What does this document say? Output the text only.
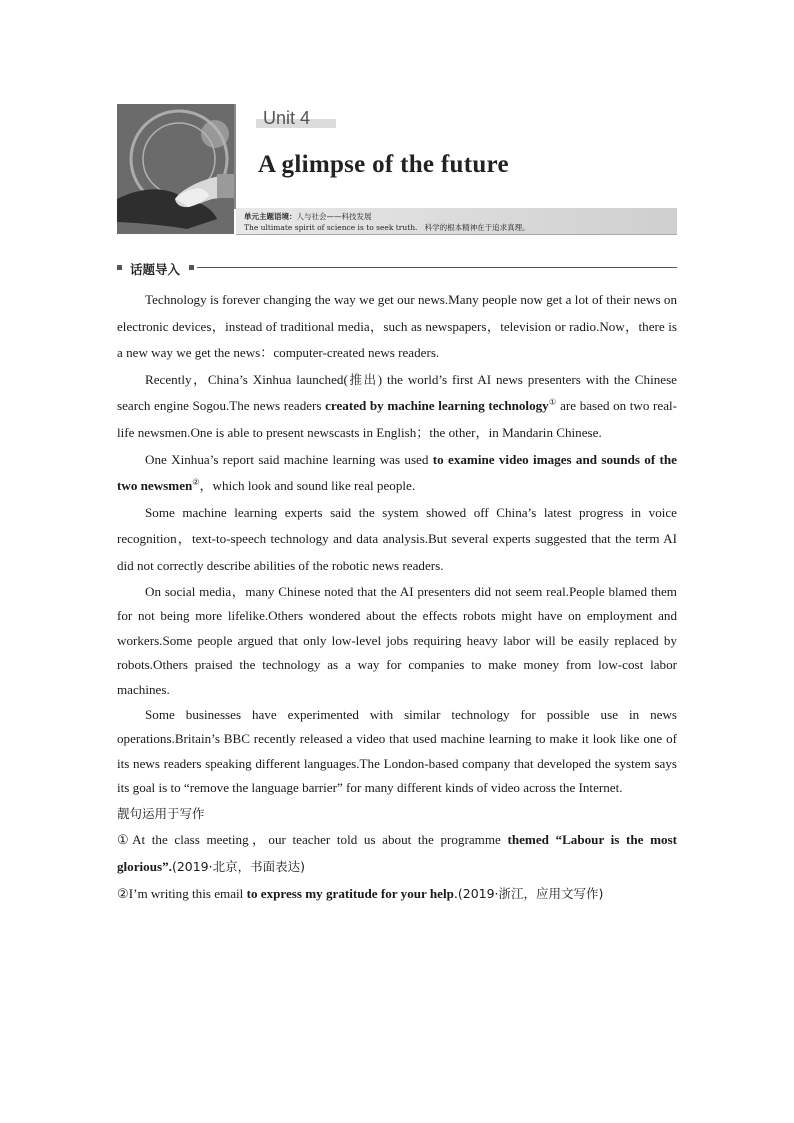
Unit 4
A glimpse of the future
单元主题语境：人与社会——科技发展
The ultimate spirit of science is to seek truth. 科学的根本精神在于追求真理。
话题导入

Technology is forever changing the way we get our news.Many people now get a lot of their news on electronic devices，instead of traditional media，such as newspapers，television or radio.Now，there is a new way we get the news：computer-created news readers.

Recently，China’s Xinhua launched(推出) the world’s first AI news presenters with the Chinese search engine Sogou.The news readers created by machine learning technology① are based on two real-life newsmen.One is able to present newscasts in English；the other，in Mandarin Chinese.

One Xinhua’s report said machine learning was used to examine video images and sounds of the two newsmen②，which look and sound like real people.

Some machine learning experts said the system showed off China’s latest progress in voice recognition，text-to-speech technology and data analysis.But several experts suggested that the term AI did not correctly describe abilities of the robotic news readers.

On social media，many Chinese noted that the AI presenters did not seem real.People blamed them for not being more lifelike.Others wondered about the effects robots might have on employment and workers.Some people argued that only low-level jobs requiring heavy labor will be easily replaced by robots.Others praised the technology as a way for companies to make money from low-cost labor machines.

Some businesses have experimented with similar technology for possible use in news operations.Britain’s BBC recently released a video that used machine learning to make it look like one of its news readers speaking different languages.The London-based company that developed the system says its goal is to “remove the language barrier” for many different kinds of video across the Internet.

靓句运用于写作

①At the class meeting，our teacher told us about the programme themed “Labour is the most glorious”.(2019·北京，书面表达)

②I’m writing this email to express my gratitude for your help.(2019·浙江，应用文写作)
